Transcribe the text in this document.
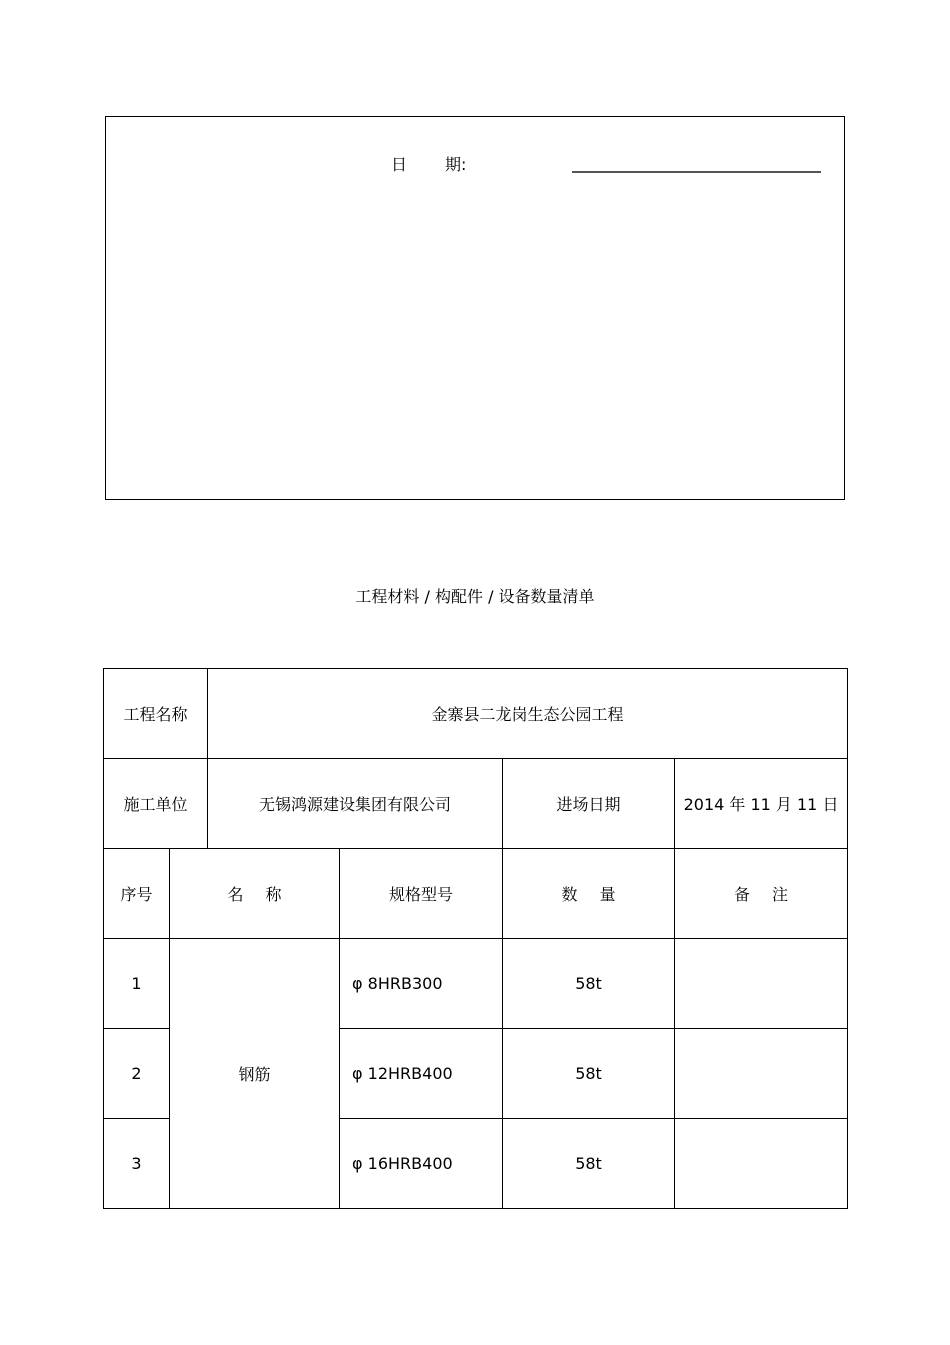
日 期:
工程材料 / 构配件 / 设备数量清单
工程名称		金寨县二龙岗生态公园工程			
施工单位		无锡鸿源建设集团有限公司		进场日期	2014 年 11 月 11 日
序号	名 称		规格型号	数 量	备 注
1	钢筋		φ 8HRB300	58t	
2			φ 12HRB400	58t	
3			φ 16HRB400	58t	
